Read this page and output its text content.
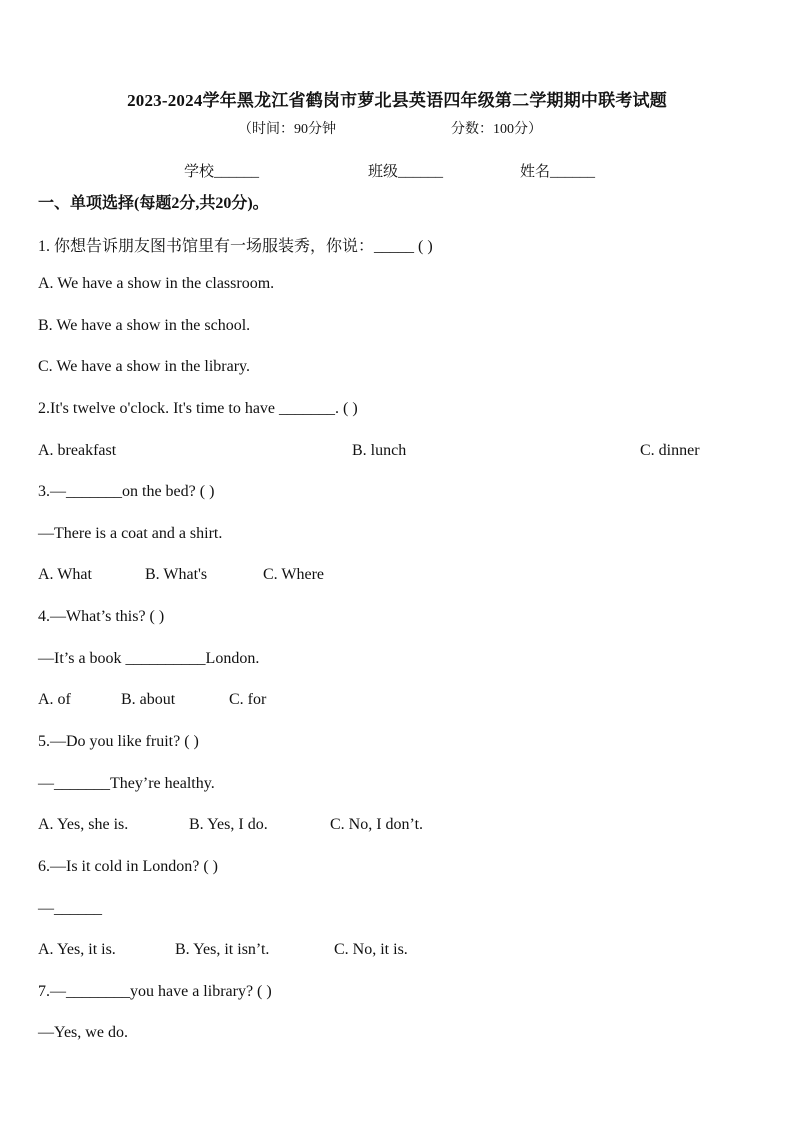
2023-2024学年黑龙江省鹤岗市萝北县英语四年级第二学期期中联考试题
（时间：90分钟	分数：100分）
学校______	班级______	姓名______
一、单项选择(每题2分,共20分)。
1. 你想告诉朋友图书馆里有一场服装秀，你说：_____ ( )
A. We have a show in the classroom.
B. We have a show in the school.
C. We have a show in the library.
2.It's twelve o'clock. It's time to have _______. ( )
A. breakfast	B. lunch	C. dinner
3.—_______on the bed? ( )
—There is a coat and a shirt.
A. What	B. What's	C. Where
4.—What’s this? ( )
—It’s a book __________London.
A. of	B. about	C. for
5.—Do you like fruit? ( )
—_______They’re healthy.
A. Yes, she is.	B. Yes, I do.	C. No, I don’t.
6.—Is it cold in London? ( )
—______
A. Yes, it is.	B. Yes, it isn’t.	C. No, it is.
7.—________you have a library? ( )
—Yes, we do.
